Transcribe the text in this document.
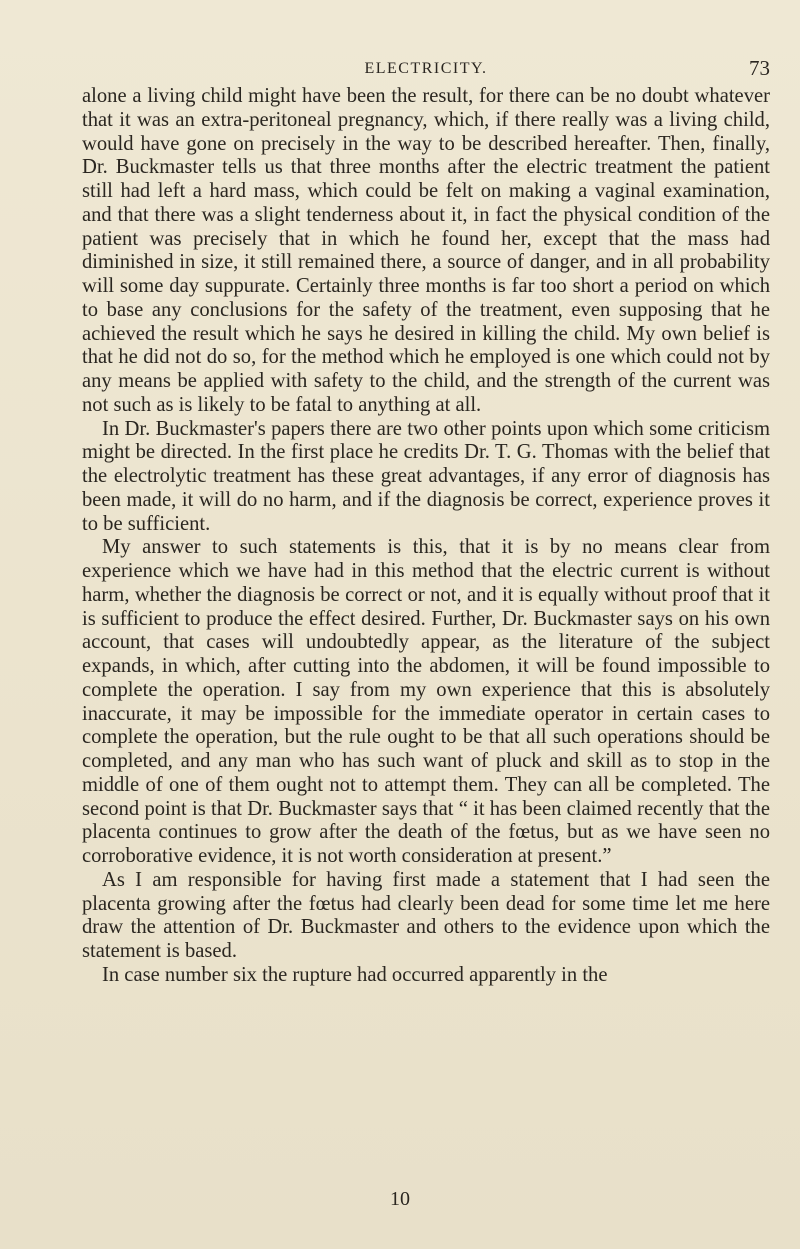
ELECTRICITY.	73

alone a living child might have been the result, for there can be no doubt whatever that it was an extra-peritoneal pregnancy, which, if there really was a living child, would have gone on precisely in the way to be described hereafter. Then, finally, Dr. Buckmaster tells us that three months after the electric treatment the patient still had left a hard mass, which could be felt on making a vaginal examination, and that there was a slight tenderness about it, in fact the physical condition of the patient was precisely that in which he found her, except that the mass had diminished in size, it still remained there, a source of danger, and in all probability will some day suppurate. Certainly three months is far too short a period on which to base any conclusions for the safety of the treatment, even supposing that he achieved the result which he says he desired in killing the child. My own belief is that he did not do so, for the method which he employed is one which could not by any means be applied with safety to the child, and the strength of the current was not such as is likely to be fatal to anything at all.

In Dr. Buckmaster's papers there are two other points upon which some criticism might be directed. In the first place he credits Dr. T. G. Thomas with the belief that the electrolytic treatment has these great advantages, if any error of diagnosis has been made, it will do no harm, and if the diagnosis be correct, experience proves it to be sufficient.

My answer to such statements is this, that it is by no means clear from experience which we have had in this method that the electric current is without harm, whether the diagnosis be correct or not, and it is equally without proof that it is sufficient to produce the effect desired. Further, Dr. Buckmaster says on his own account, that cases will undoubtedly appear, as the literature of the subject expands, in which, after cutting into the abdomen, it will be found impossible to complete the operation. I say from my own experience that this is absolutely inaccurate, it may be impossible for the immediate operator in certain cases to complete the operation, but the rule ought to be that all such operations should be completed, and any man who has such want of pluck and skill as to stop in the middle of one of them ought not to attempt them. They can all be completed. The second point is that Dr. Buckmaster says that “ it has been claimed recently that the placenta continues to grow after the death of the fœtus, but as we have seen no corroborative evidence, it is not worth consideration at present.”

As I am responsible for having first made a statement that I had seen the placenta growing after the fœtus had clearly been dead for some time let me here draw the attention of Dr. Buckmaster and others to the evidence upon which the statement is based.

In case number six the rupture had occurred apparently in the

10
